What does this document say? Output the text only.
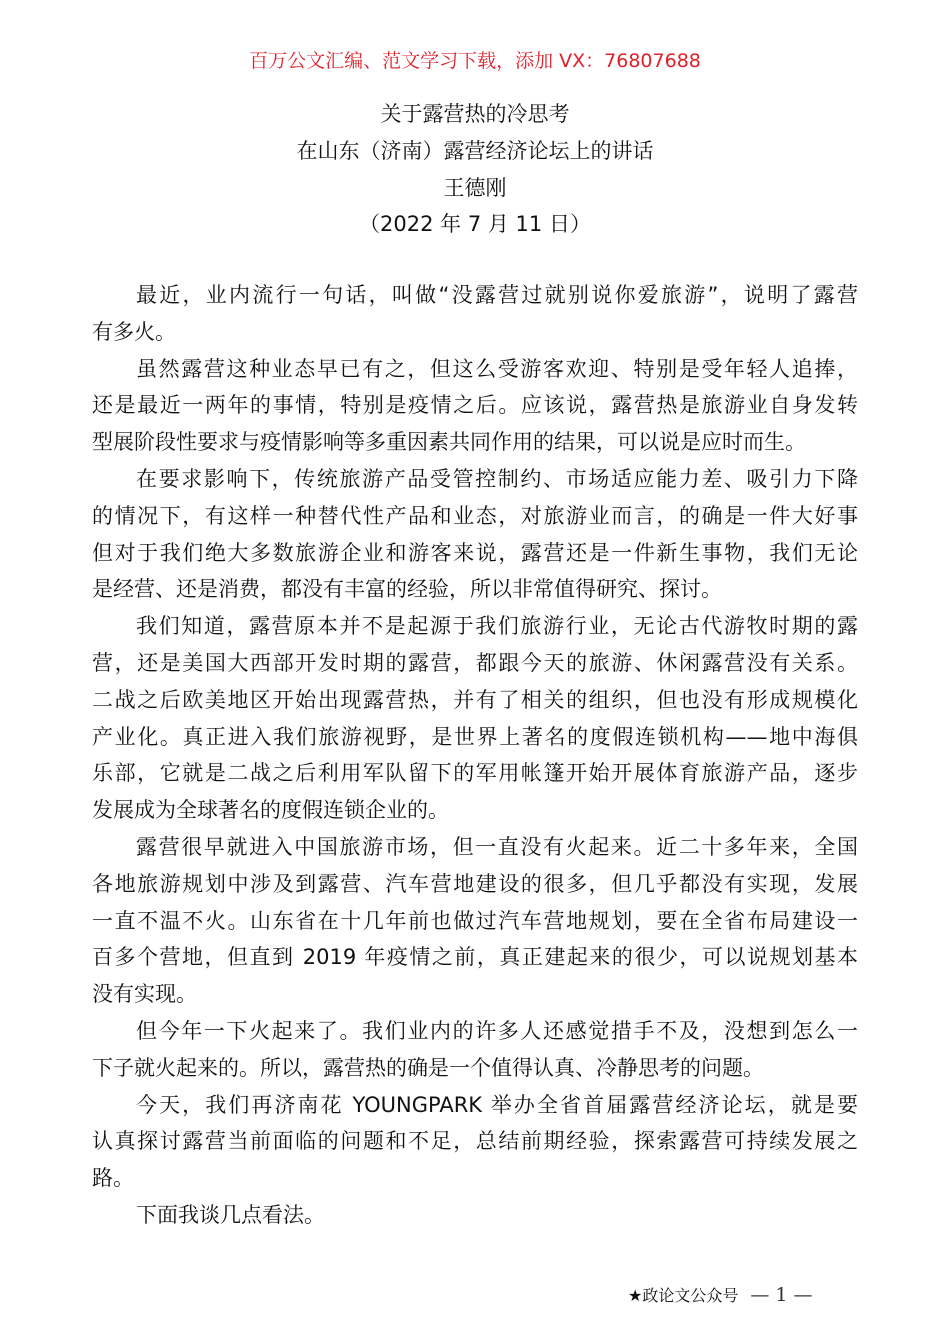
百万公文汇编、范文学习下载，添加 VX：76807688
关于露营热的冷思考
在山东（济南）露营经济论坛上的讲话
王德刚
（2022 年 7 月 11 日）
最近，业内流行一句话，叫做“没露营过就别说你爱旅游”，说明了露营
有多火。
虽然露营这种业态早已有之，但这么受游客欢迎、特别是受年轻人追捧，
还是最近一两年的事情，特别是疫情之后。应该说，露营热是旅游业自身发转
型展阶段性要求与疫情影响等多重因素共同作用的结果，可以说是应时而生。
在要求影响下，传统旅游产品受管控制约、市场适应能力差、吸引力下降
的情况下，有这样一种替代性产品和业态，对旅游业而言，的确是一件大好事
但对于我们绝大多数旅游企业和游客来说，露营还是一件新生事物，我们无论
是经营、还是消费，都没有丰富的经验，所以非常值得研究、探讨。
我们知道，露营原本并不是起源于我们旅游行业，无论古代游牧时期的露
营，还是美国大西部开发时期的露营，都跟今天的旅游、休闲露营没有关系。
二战之后欧美地区开始出现露营热，并有了相关的组织，但也没有形成规模化
产业化。真正进入我们旅游视野，是世界上著名的度假连锁机构——地中海俱
乐部，它就是二战之后利用军队留下的军用帐篷开始开展体育旅游产品，逐步
发展成为全球著名的度假连锁企业的。
露营很早就进入中国旅游市场，但一直没有火起来。近二十多年来，全国
各地旅游规划中涉及到露营、汽车营地建设的很多，但几乎都没有实现，发展
一直不温不火。山东省在十几年前也做过汽车营地规划，要在全省布局建设一
百多个营地，但直到 2019 年疫情之前，真正建起来的很少，可以说规划基本
没有实现。
但今年一下火起来了。我们业内的许多人还感觉措手不及，没想到怎么一
下子就火起来的。所以，露营热的确是一个值得认真、冷静思考的问题。
今天，我们再济南花 YOUNGPARK 举办全省首届露营经济论坛，就是要
认真探讨露营当前面临的问题和不足，总结前期经验，探索露营可持续发展之
路。
下面我谈几点看法。
★政论文公众号 — 1 —
